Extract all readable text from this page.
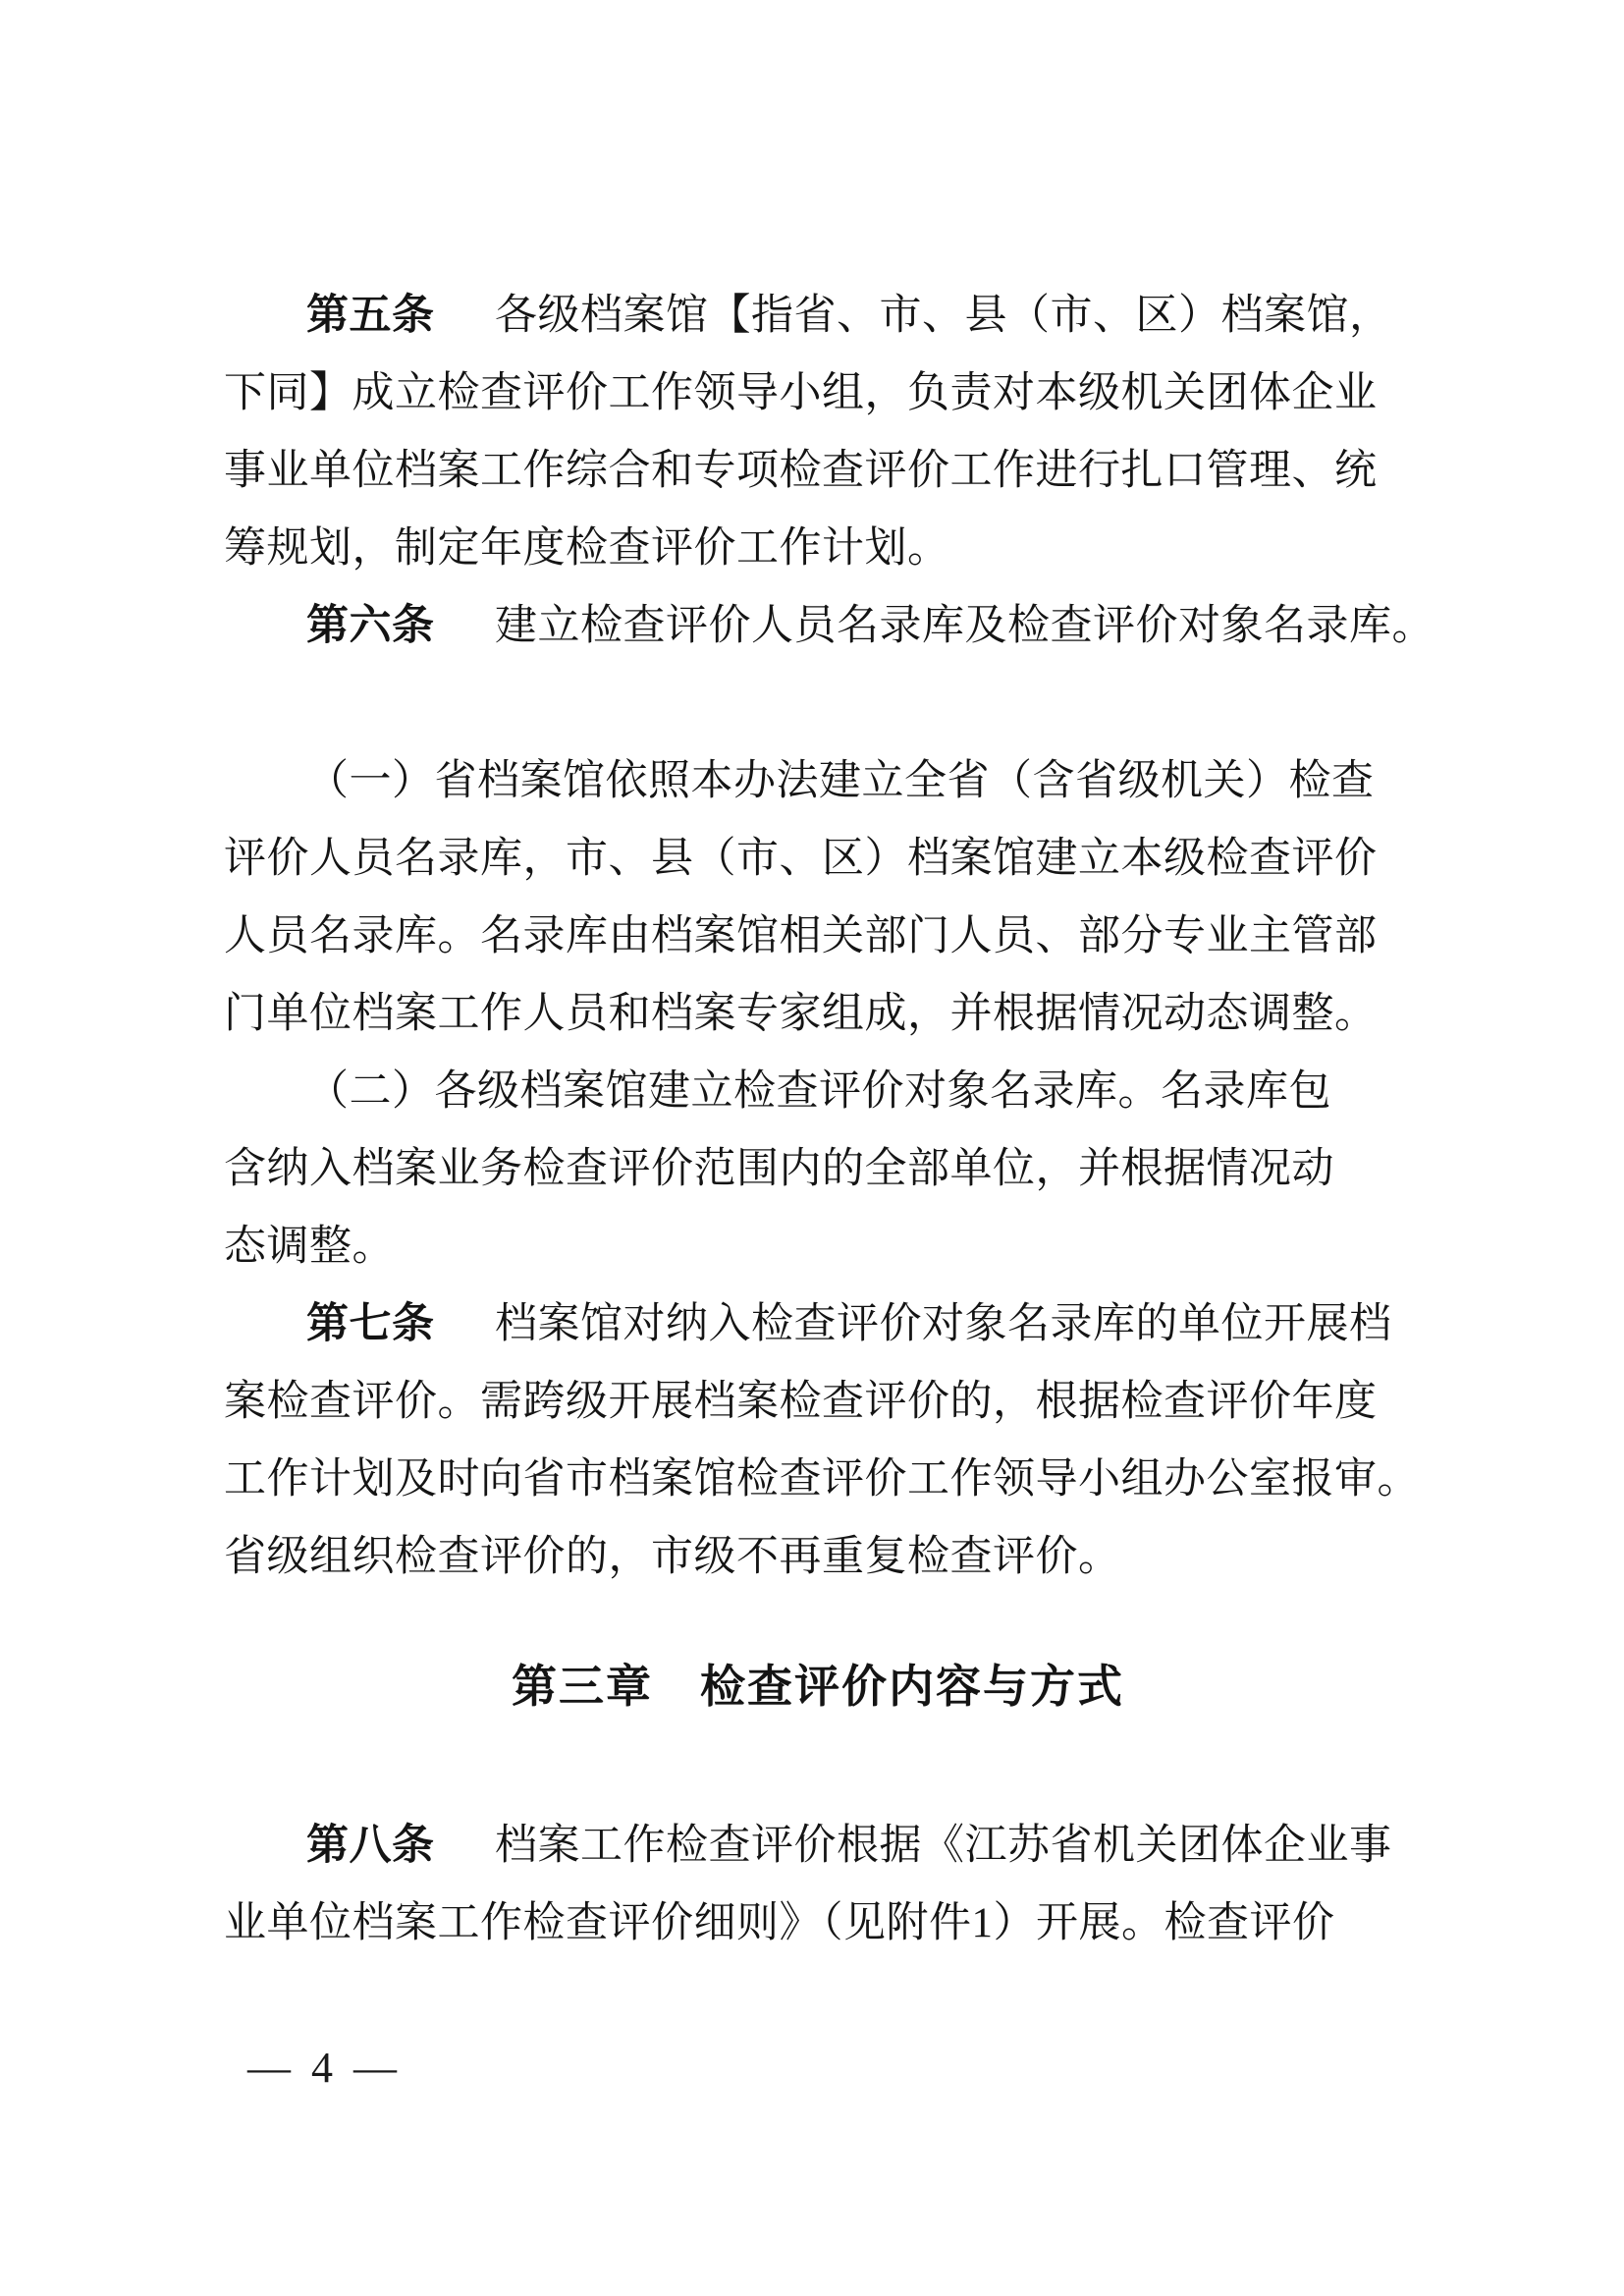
第五条　各级档案馆【指省、市、县（市、区）档案馆，
下同】成立检查评价工作领导小组，负责对本级机关团体企业
事业单位档案工作综合和专项检查评价工作进行扎口管理、统
筹规划，制定年度检查评价工作计划。
第六条　建立检查评价人员名录库及检查评价对象名录库。
（一）省档案馆依照本办法建立全省（含省级机关）检查
评价人员名录库，市、县（市、区）档案馆建立本级检查评价
人员名录库。名录库由档案馆相关部门人员、部分专业主管部
门单位档案工作人员和档案专家组成，并根据情况动态调整。
（二）各级档案馆建立检查评价对象名录库。名录库包
含纳入档案业务检查评价范围内的全部单位，并根据情况动
态调整。
第七条　档案馆对纳入检查评价对象名录库的单位开展档
案检查评价。需跨级开展档案检查评价的，根据检查评价年度
工作计划及时向省市档案馆检查评价工作领导小组办公室报审。
省级组织检查评价的，市级不再重复检查评价。
第三章　检查评价内容与方式
第八条　档案工作检查评价根据《江苏省机关团体企业事
业单位档案工作检查评价细则》（见附件1）开展。检查评价
— 4 —
